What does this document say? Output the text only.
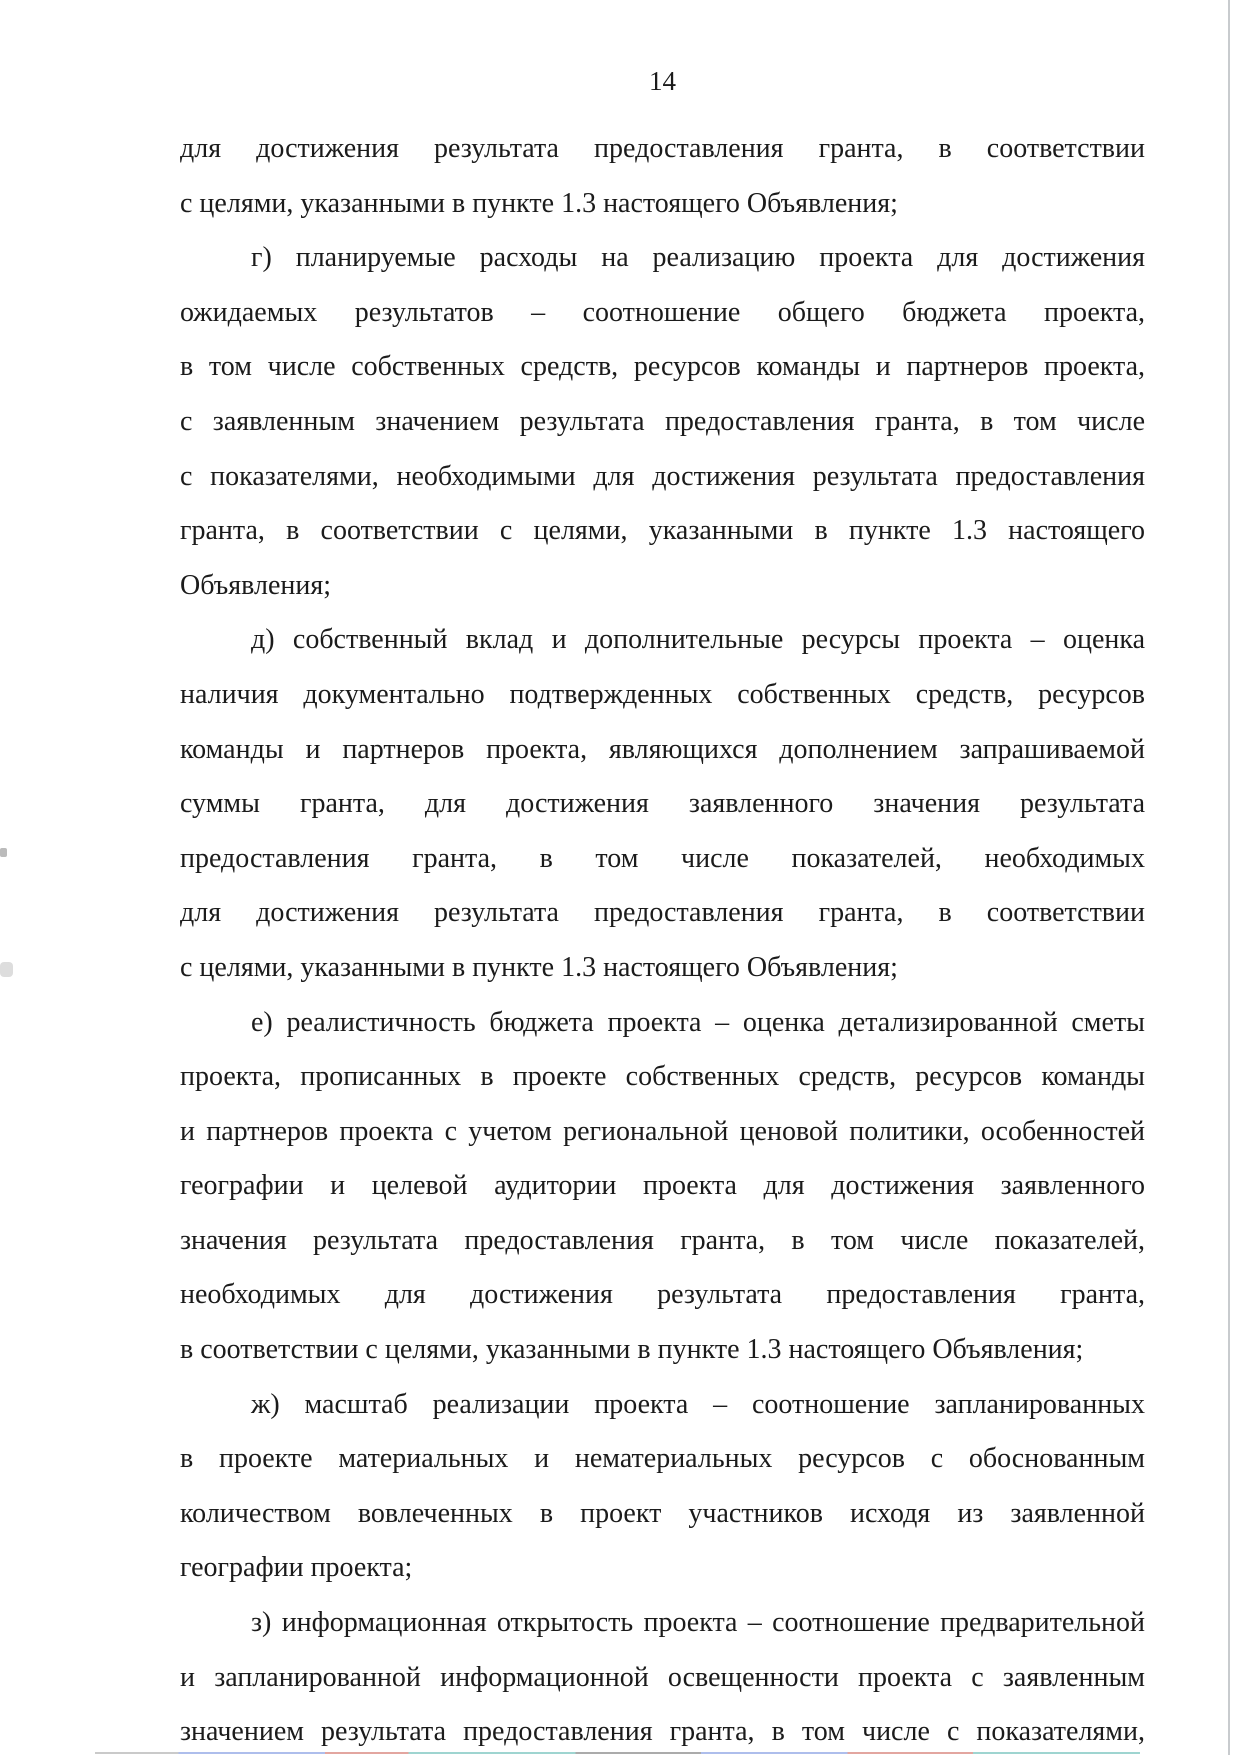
14
для достижения результата предоставления гранта, в соответствии
с целями, указанными в пункте 1.3 настоящего Объявления;
г) планируемые расходы на реализацию проекта для достижения
ожидаемых результатов – соотношение общего бюджета проекта,
в том числе собственных средств, ресурсов команды и партнеров проекта,
с заявленным значением результата предоставления гранта, в том числе
с показателями, необходимыми для достижения результата предоставления
гранта, в соответствии с целями, указанными в пункте 1.3 настоящего
Объявления;
д) собственный вклад и дополнительные ресурсы проекта – оценка
наличия документально подтвержденных собственных средств, ресурсов
команды и партнеров проекта, являющихся дополнением запрашиваемой
суммы гранта, для достижения заявленного значения результата
предоставления гранта, в том числе показателей, необходимых
для достижения результата предоставления гранта, в соответствии
с целями, указанными в пункте 1.3 настоящего Объявления;
е) реалистичность бюджета проекта – оценка детализированной сметы
проекта, прописанных в проекте собственных средств, ресурсов команды
и партнеров проекта с учетом региональной ценовой политики, особенностей
географии и целевой аудитории проекта для достижения заявленного
значения результата предоставления гранта, в том числе показателей,
необходимых для достижения результата предоставления гранта,
в соответствии с целями, указанными в пункте 1.3 настоящего Объявления;
ж) масштаб реализации проекта – соотношение запланированных
в проекте материальных и нематериальных ресурсов с обоснованным
количеством вовлеченных в проект участников исходя из заявленной
географии проекта;
з) информационная открытость проекта – соотношение предварительной
и запланированной информационной освещенности проекта с заявленным
значением результата предоставления гранта, в том числе с показателями,
